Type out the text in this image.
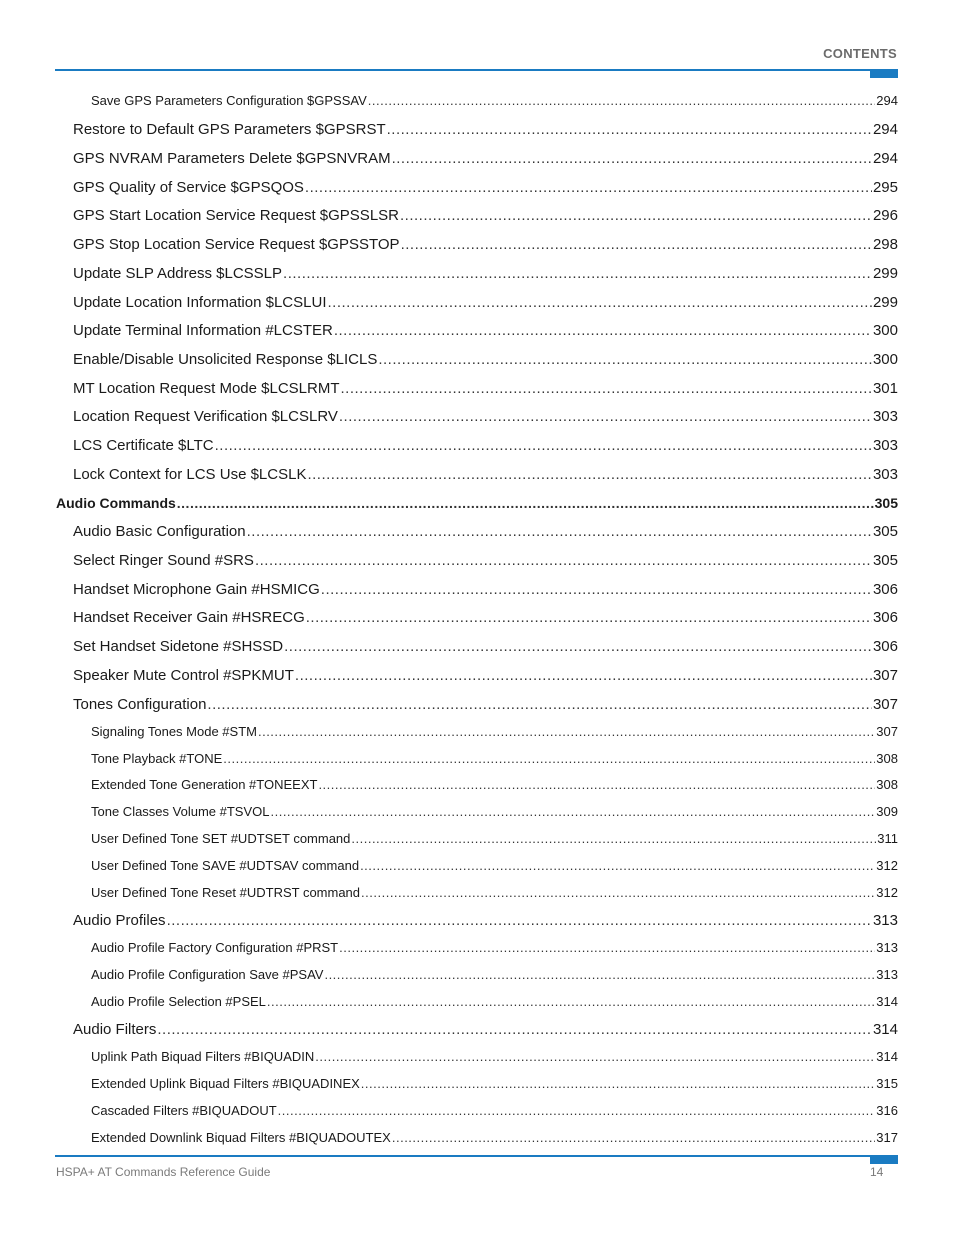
CONTENTS
Save GPS Parameters Configuration $GPSSAV .....	294
Restore to Default GPS Parameters $GPSRST .....	294
GPS NVRAM Parameters Delete $GPSNVRAM .....	294
GPS Quality of Service $GPSQOS .....	295
GPS Start Location Service Request $GPSSLSR .....	296
GPS Stop Location Service Request $GPSSTOP .....	298
Update SLP Address $LCSSLP .....	299
Update Location Information $LCSLUI .....	299
Update Terminal Information #LCSTER .....	300
Enable/Disable Unsolicited Response $LICLS .....	300
MT Location Request Mode $LCSLRMT .....	301
Location Request Verification $LCSLRV .....	303
LCS Certificate $LTC .....	303
Lock Context for LCS Use $LCSLK .....	303
Audio Commands .....	305
Audio Basic Configuration .....	305
Select Ringer Sound #SRS .....	305
Handset Microphone Gain #HSMICG .....	306
Handset Receiver Gain #HSRECG .....	306
Set Handset Sidetone #SHSSD .....	306
Speaker Mute Control #SPKMUT .....	307
Tones Configuration .....	307
Signaling Tones Mode #STM .....	307
Tone Playback #TONE .....	308
Extended Tone Generation #TONEEXT .....	308
Tone Classes Volume #TSVOL .....	309
User Defined Tone SET #UDTSET command .....	311
User Defined Tone SAVE #UDTSAV command .....	312
User Defined Tone Reset #UDTRST command .....	312
Audio Profiles .....	313
Audio Profile Factory Configuration #PRST .....	313
Audio Profile Configuration Save #PSAV .....	313
Audio Profile Selection #PSEL .....	314
Audio Filters .....	314
Uplink Path Biquad Filters #BIQUADIN .....	314
Extended Uplink Biquad Filters #BIQUADINEX .....	315
Cascaded Filters #BIQUADOUT .....	316
Extended Downlink Biquad Filters #BIQUADOUTEX .....	317
HSPA+ AT Commands Reference Guide	14
